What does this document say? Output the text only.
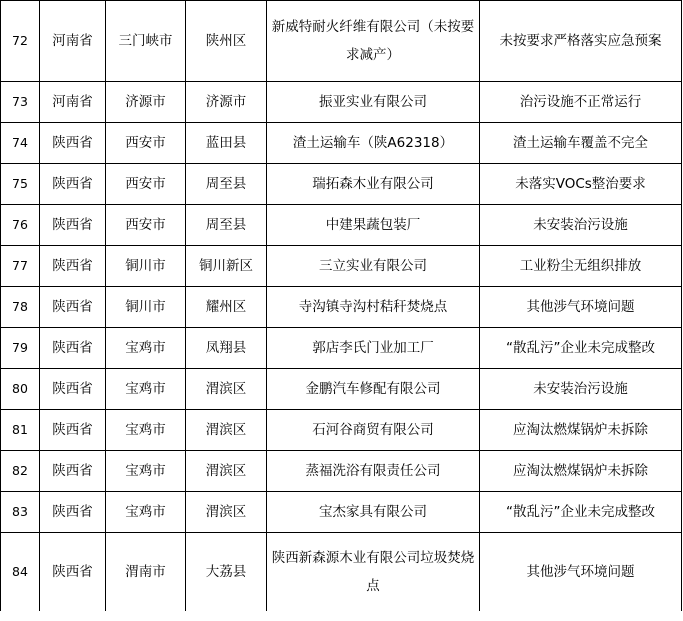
72	河南省	三门峡市	陕州区	新威特耐火纤维有限公司（未按要求减产）	未按要求严格落实应急预案
73	河南省	济源市	济源市	振亚实业有限公司	治污设施不正常运行
74	陕西省	西安市	蓝田县	渣土运输车（陕A62318）	渣土运输车覆盖不完全
75	陕西省	西安市	周至县	瑞拓森木业有限公司	未落实VOCs整治要求
76	陕西省	西安市	周至县	中建果蔬包装厂	未安装治污设施
77	陕西省	铜川市	铜川新区	三立实业有限公司	工业粉尘无组织排放
78	陕西省	铜川市	耀州区	寺沟镇寺沟村秸秆焚烧点	其他涉气环境问题
79	陕西省	宝鸡市	凤翔县	郭店李氏门业加工厂	“散乱污”企业未完成整改
80	陕西省	宝鸡市	渭滨区	金鹏汽车修配有限公司	未安装治污设施
81	陕西省	宝鸡市	渭滨区	石河谷商贸有限公司	应淘汰燃煤锅炉未拆除
82	陕西省	宝鸡市	渭滨区	蒸福洗浴有限责任公司	应淘汰燃煤锅炉未拆除
83	陕西省	宝鸡市	渭滨区	宝杰家具有限公司	“散乱污”企业未完成整改
84	陕西省	渭南市	大荔县	陕西新森源木业有限公司垃圾焚烧点	其他涉气环境问题
